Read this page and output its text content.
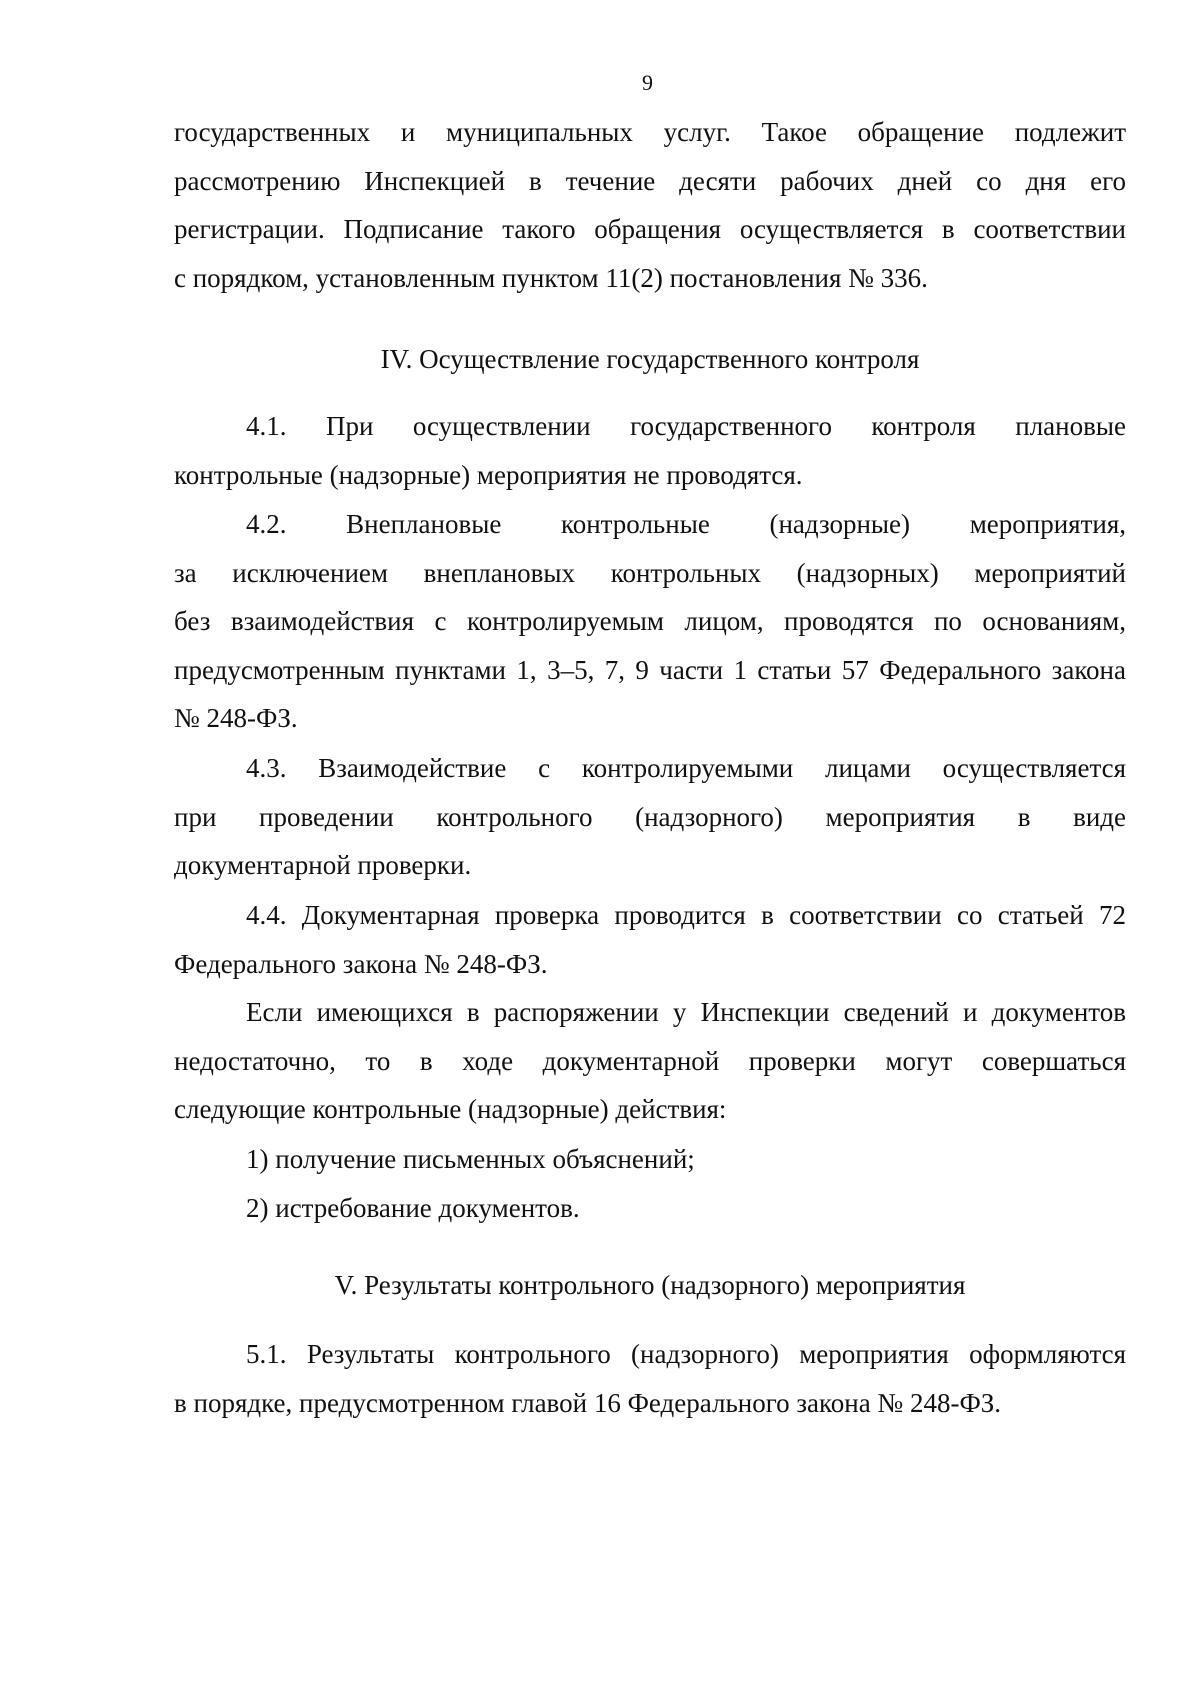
9
государственных и муниципальных услуг. Такое обращение подлежит
рассмотрению Инспекцией в течение десяти рабочих дней со дня его
регистрации. Подписание такого обращения осуществляется в соответствии
с порядком, установленным пунктом 11(2) постановления № 336.

IV. Осуществление государственного контроля

4.1. При осуществлении государственного контроля плановые
контрольные (надзорные) мероприятия не проводятся.
4.2. Внеплановые контрольные (надзорные) мероприятия,
за исключением внеплановых контрольных (надзорных) мероприятий
без взаимодействия с контролируемым лицом, проводятся по основаниям,
предусмотренным пунктами 1, 3–5, 7, 9 части 1 статьи 57 Федерального закона
№ 248-ФЗ.
4.3. Взаимодействие с контролируемыми лицами осуществляется
при проведении контрольного (надзорного) мероприятия в виде
документарной проверки.
4.4. Документарная проверка проводится в соответствии со статьей 72
Федерального закона № 248-ФЗ.
Если имеющихся в распоряжении у Инспекции сведений и документов
недостаточно, то в ходе документарной проверки могут совершаться
следующие контрольные (надзорные) действия:
1) получение письменных объяснений;
2) истребование документов.

V. Результаты контрольного (надзорного) мероприятия

5.1. Результаты контрольного (надзорного) мероприятия оформляются
в порядке, предусмотренном главой 16 Федерального закона № 248-ФЗ.
